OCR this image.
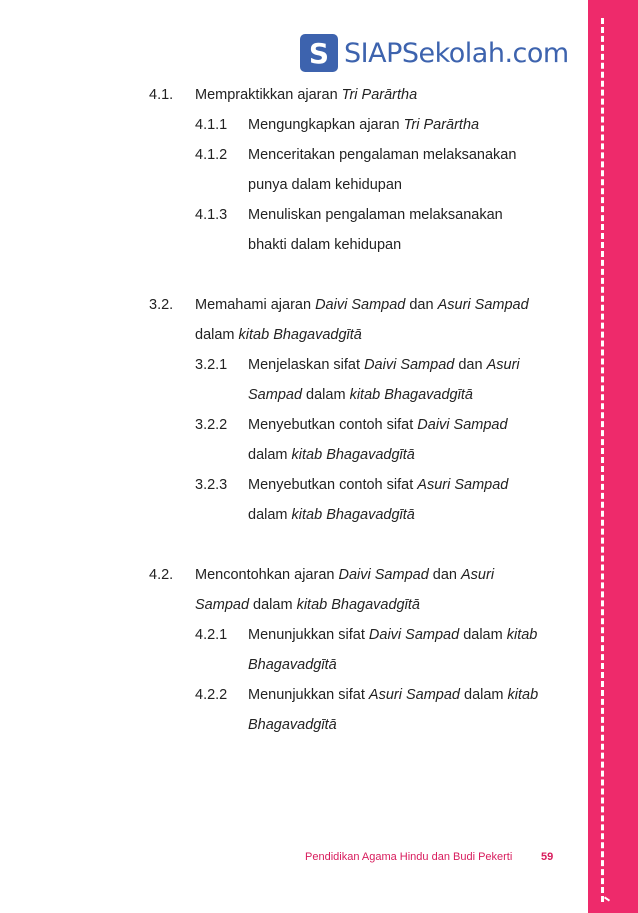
S SIAPSekolah.com
4.1. Mempraktikkan ajaran Tri Parārtha
4.1.1 Mengungkapkan ajaran Tri Parārtha
4.1.2 Menceritakan pengalaman melaksanakan
punya dalam kehidupan
4.1.3 Menuliskan pengalaman melaksanakan
bhakti dalam kehidupan
3.2. Memahami ajaran Daivi Sampad dan Asuri Sampad
dalam kitab Bhagavadgītā
3.2.1 Menjelaskan sifat Daivi Sampad dan Asuri
Sampad dalam kitab Bhagavadgītā
3.2.2 Menyebutkan contoh sifat Daivi Sampad
dalam kitab Bhagavadgītā
3.2.3 Menyebutkan contoh sifat Asuri Sampad
dalam kitab Bhagavadgītā
4.2. Mencontohkan ajaran Daivi Sampad dan Asuri
Sampad dalam kitab Bhagavadgītā
4.2.1 Menunjukkan sifat Daivi Sampad dalam kitab
Bhagavadgītā
4.2.2 Menunjukkan sifat Asuri Sampad dalam kitab
Bhagavadgītā
Pendidikan Agama Hindu dan Budi Pekerti	59
